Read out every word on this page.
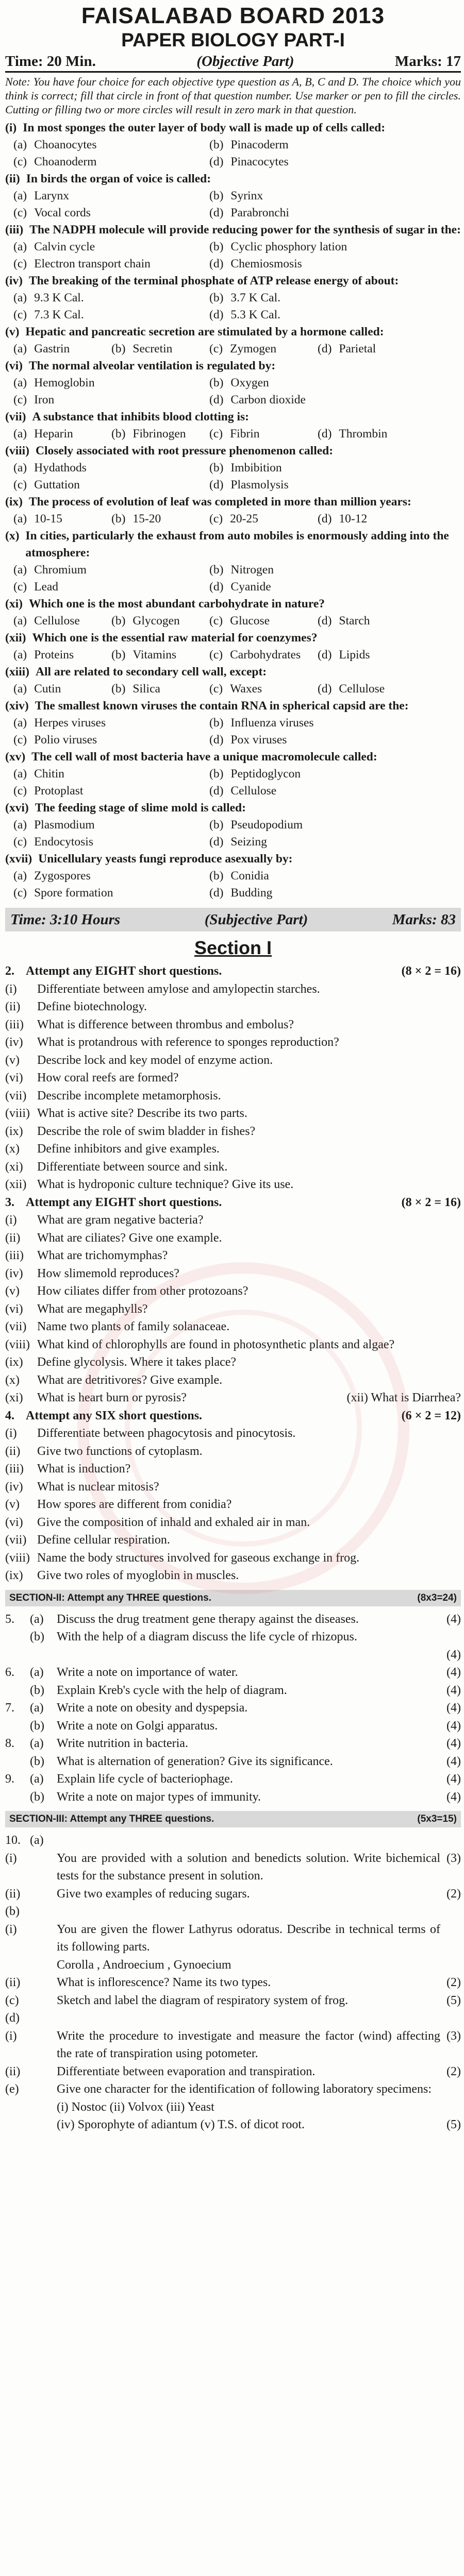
FAISALABAD BOARD 2013
PAPER BIOLOGY PART-I
Time: 20 Min.	(Objective Part)	Marks: 17
Note: You have four choice for each objective type question as A, B, C and D. The choice which you think is correct; fill that circle in front of that question number. Use marker or pen to fill the circles. Cutting or filling two or more circles will result in zero mark in that question.
(i) In most sponges the outer layer of body wall is made up of cells called:
(a) Choanocytes	(b) Pinacoderm
(c) Choanoderm	(d) Pinacocytes
(ii) In birds the organ of voice is called:
(a) Larynx	(b) Syrinx
(c) Vocal cords	(d) Parabronchi
(iii) The NADPH molecule will provide reducing power for the synthesis of sugar in the:
(a) Calvin cycle	(b) Cyclic phosphory lation
(c) Electron transport chain	(d) Chemiosmosis
(iv) The breaking of the terminal phosphate of ATP release energy of about:
(a) 9.3 K Cal.	(b) 3.7 K Cal.
(c) 7.3 K Cal.	(d) 5.3 K Cal.
(v) Hepatic and pancreatic secretion are stimulated by a hormone called:
(a) Gastrin	(b) Secretin	(c) Zymogen	(d) Parietal
(vi) The normal alveolar ventilation is regulated by:
(a) Hemoglobin	(b) Oxygen
(c) Iron	(d) Carbon dioxide
(vii) A substance that inhibits blood clotting is:
(a) Heparin	(b) Fibrinogen	(c) Fibrin	(d) Thrombin
(viii) Closely associated with root pressure phenomenon called:
(a) Hydathods	(b) Imbibition
(c) Guttation	(d) Plasmolysis
(ix) The process of evolution of leaf was completed in more than million years:
(a) 10-15	(b) 15-20	(c) 20-25	(d) 10-12
(x) In cities, particularly the exhaust from auto mobiles is enormously adding into the atmosphere:
(a) Chromium	(b) Nitrogen
(c) Lead	(d) Cyanide
(xi) Which one is the most abundant carbohydrate in nature?
(a) Cellulose	(b) Glycogen	(c) Glucose	(d) Starch
(xii) Which one is the essential raw material for coenzymes?
(a) Proteins	(b) Vitamins	(c) Carbohydrates	(d) Lipids
(xiii) All are related to secondary cell wall, except:
(a) Cutin	(b) Silica	(c) Waxes	(d) Cellulose
(xiv) The smallest known viruses the contain RNA in spherical capsid are the:
(a) Herpes viruses	(b) Influenza viruses
(c) Polio viruses	(d) Pox viruses
(xv) The cell wall of most bacteria have a unique macromolecule called:
(a) Chitin	(b) Peptidoglycon
(c) Protoplast	(d) Cellulose
(xvi) The feeding stage of slime mold is called:
(a) Plasmodium	(b) Pseudopodium
(c) Endocytosis	(d) Seizing
(xvii) Unicellulary yeasts fungi reproduce asexually by:
(a) Zygospores	(b) Conidia
(c) Spore formation	(d) Budding
Time: 3:10 Hours	(Subjective Part)	Marks: 83
Section I
2. Attempt any EIGHT short questions.	(8 × 2 = 16)
(i)	Differentiate between amylose and amylopectin starches.
(ii)	Define biotechnology.
(iii)	What is difference between thrombus and embolus?
(iv)	What is protandrous with reference to sponges reproduction?
(v)	Describe lock and key model of enzyme action.
(vi)	How coral reefs are formed?
(vii) Describe incomplete metamorphosis.
(viii) What is active site? Describe its two parts.
(ix)	Describe the role of swim bladder in fishes?
(x)	Define inhibitors and give examples.
(xi)	Differentiate between source and sink.
(xii) What is hydroponic culture technique? Give its use.
3. Attempt any EIGHT short questions.	(8 × 2 = 16)
(i)	What are gram negative bacteria?
(ii)	What are ciliates? Give one example.
(iii)	What are trichomymphas?
(iv)	How slimemold reproduces?
(v)	How ciliates differ from other protozoans?
(vi)	What are megaphylls?
(vii) Name two plants of family solanaceae.
(viii) What kind of chlorophylls are found in photosynthetic plants and algae?
(ix)	Define glycolysis. Where it takes place?
(x)	What are detritivores? Give example.
(xi)	What is heart burn or pyrosis?	(xii) What is Diarrhea?
4. Attempt any SIX short questions.	(6 × 2 = 12)
(i)	Differentiate between phagocytosis and pinocytosis.
(ii)	Give two functions of cytoplasm.
(iii)	What is induction?
(iv)	What is nuclear mitosis?
(v)	How spores are different from conidia?
(vi)	Give the composition of inhald and exhaled air in man.
(vii) Define cellular respiration.
(viii) Name the body structures involved for gaseous exchange in frog.
(ix)	Give two roles of myoglobin in muscles.
SECTION-II: Attempt any THREE questions.	(8x3=24)
5.	(a)	Discuss the drug treatment gene therapy against the diseases.	(4)
(b)	With the help of a diagram discuss the life cycle of rhizopus.
(4)
6.	(a)	Write a note on importance of water.	(4)
(b)	Explain Kreb's cycle with the help of diagram.	(4)
7.	(a)	Write a note on obesity and dyspepsia.	(4)
(b)	Write a note on Golgi apparatus.	(4)
8.	(a)	Write nutrition in bacteria.	(4)
(b)	What is alternation of generation? Give its significance.	(4)
9.	(a)	Explain life cycle of bacteriophage.	(4)
(b)	Write a note on major types of immunity.	(4)
SECTION-III: Attempt any THREE questions.	(5x3=15)
10. (a)
(i)	You are provided with a solution and benedicts solution. Write bichemical tests for the substance present in solution.
(3)
(ii)	Give two examples of reducing sugars.	(2)
(b)
(i)	You are given the flower Lathyrus odoratus. Describe in technical terms of its following parts.
Corolla , Androecium , Gynoecium
(ii)	What is inflorescence? Name its two types.	(2)
(c)	Sketch and label the diagram of respiratory system of frog.	(5)
(d)
(i)	Write the procedure to investigate and measure the factor (wind) affecting the rate of transpiration using potometer.
(3)
(ii)	Differentiate between evaporation and transpiration.	(2)
(e)	Give one character for the identification of following laboratory specimens:
(i) Nostoc (ii) Volvox (iii) Yeast
(iv) Sporophyte of adiantum (v) T.S. of dicot root.	(5)
